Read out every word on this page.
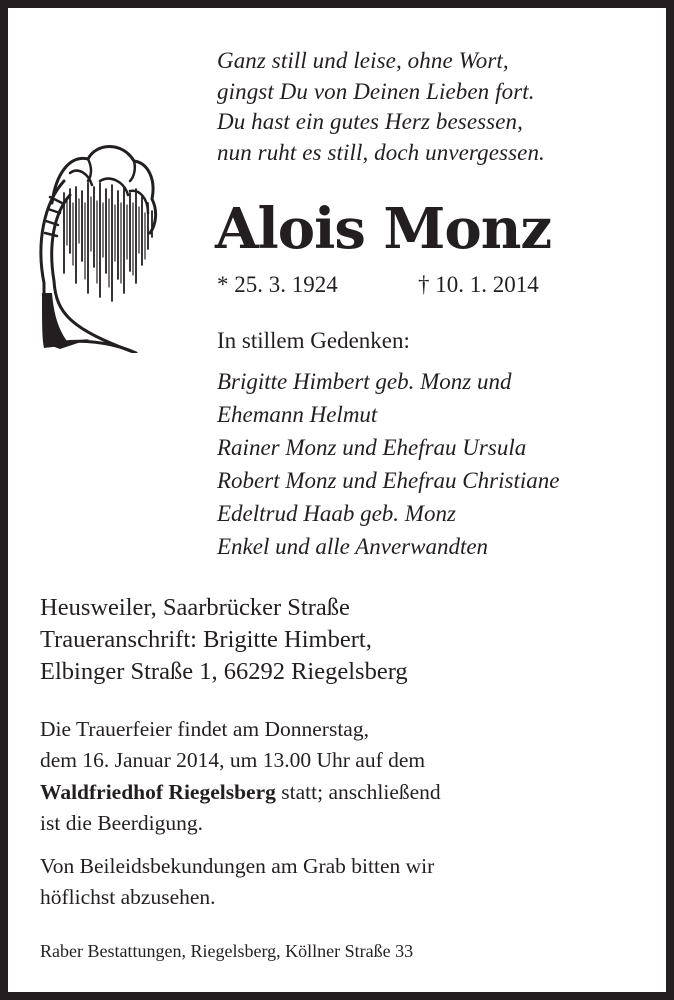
Ganz still und leise, ohne Wort,
gingst Du von Deinen Lieben fort.
Du hast ein gutes Herz besessen,
nun ruht es still, doch unvergessen.
Alois Monz
* 25. 3. 1924	† 10. 1. 2014
In stillem Gedenken:
Brigitte Himbert geb. Monz und
Ehemann Helmut
Rainer Monz und Ehefrau Ursula
Robert Monz und Ehefrau Christiane
Edeltrud Haab geb. Monz
Enkel und alle Anverwandten
Heusweiler, Saarbrücker Straße
Traueranschrift: Brigitte Himbert,
Elbinger Straße 1, 66292 Riegelsberg
Die Trauerfeier findet am Donnerstag,
dem 16. Januar 2014, um 13.00 Uhr auf dem
Waldfriedhof Riegelsberg statt; anschließend
ist die Beerdigung.
Von Beileidsbekundungen am Grab bitten wir
höflichst abzusehen.
Raber Bestattungen, Riegelsberg, Köllner Straße 33
